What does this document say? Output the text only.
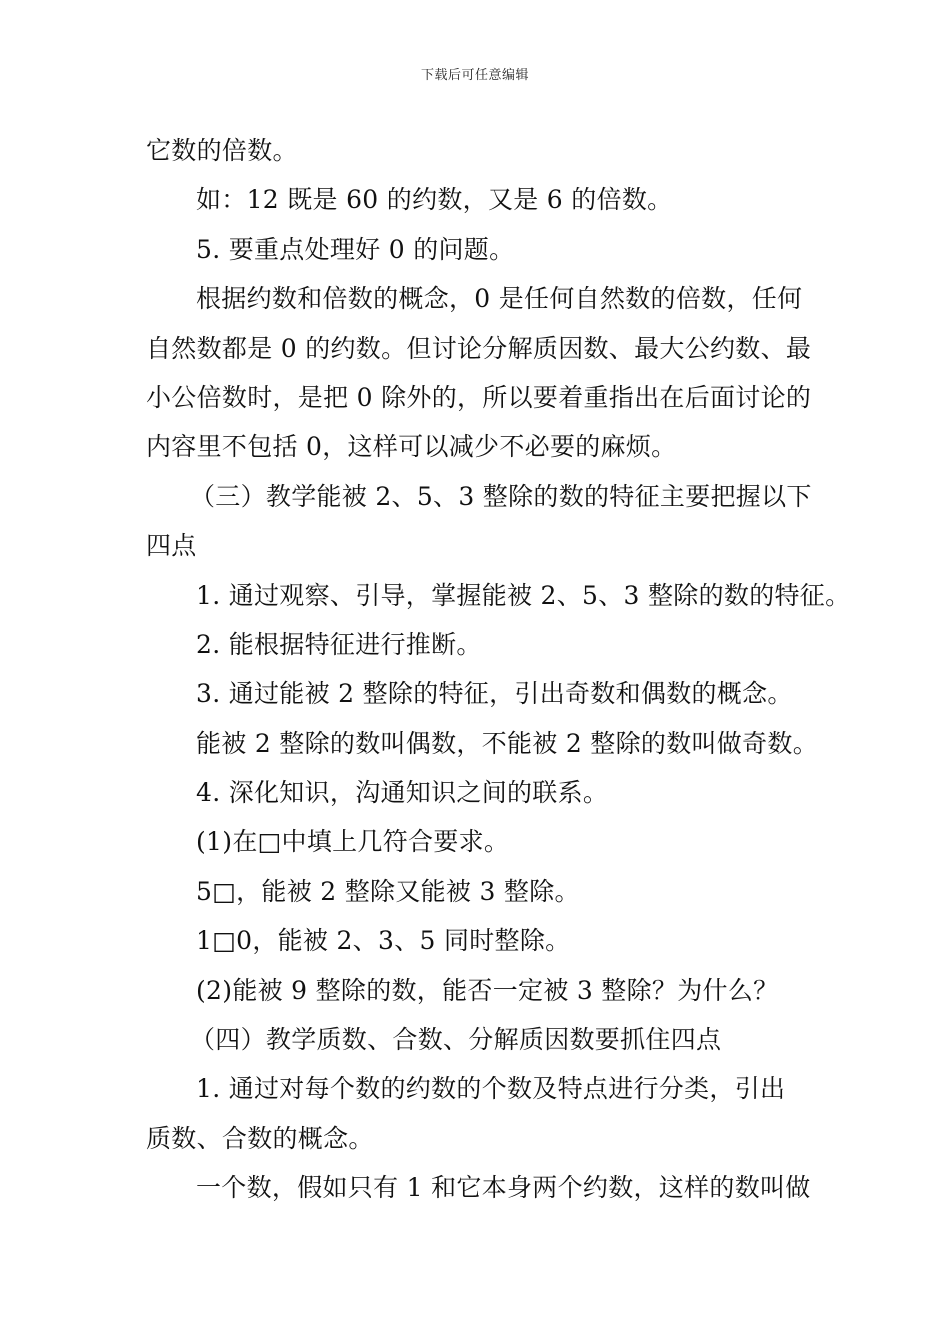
下载后可任意编辑
它数的倍数。
如：12 既是 60 的约数，又是 6 的倍数。
5. 要重点处理好 0 的问题。
根据约数和倍数的概念，0 是任何自然数的倍数，任何
自然数都是 0 的约数。但讨论分解质因数、最大公约数、最
小公倍数时，是把 0 除外的，所以要着重指出在后面讨论的
内容里不包括 0，这样可以减少不必要的麻烦。
（三）教学能被 2、5、3 整除的数的特征主要把握以下
四点
1. 通过观察、引导，掌握能被 2、5、3 整除的数的特征。
2. 能根据特征进行推断。
3. 通过能被 2 整除的特征，引出奇数和偶数的概念。
能被 2 整除的数叫偶数，不能被 2 整除的数叫做奇数。
4. 深化知识，沟通知识之间的联系。
(1)在□中填上几符合要求。
5□，能被 2 整除又能被 3 整除。
1□0，能被 2、3、5 同时整除。
(2)能被 9 整除的数，能否一定被 3 整除？为什么？
（四）教学质数、合数、分解质因数要抓住四点
1. 通过对每个数的约数的个数及特点进行分类，引出
质数、合数的概念。
一个数，假如只有 1 和它本身两个约数，这样的数叫做
